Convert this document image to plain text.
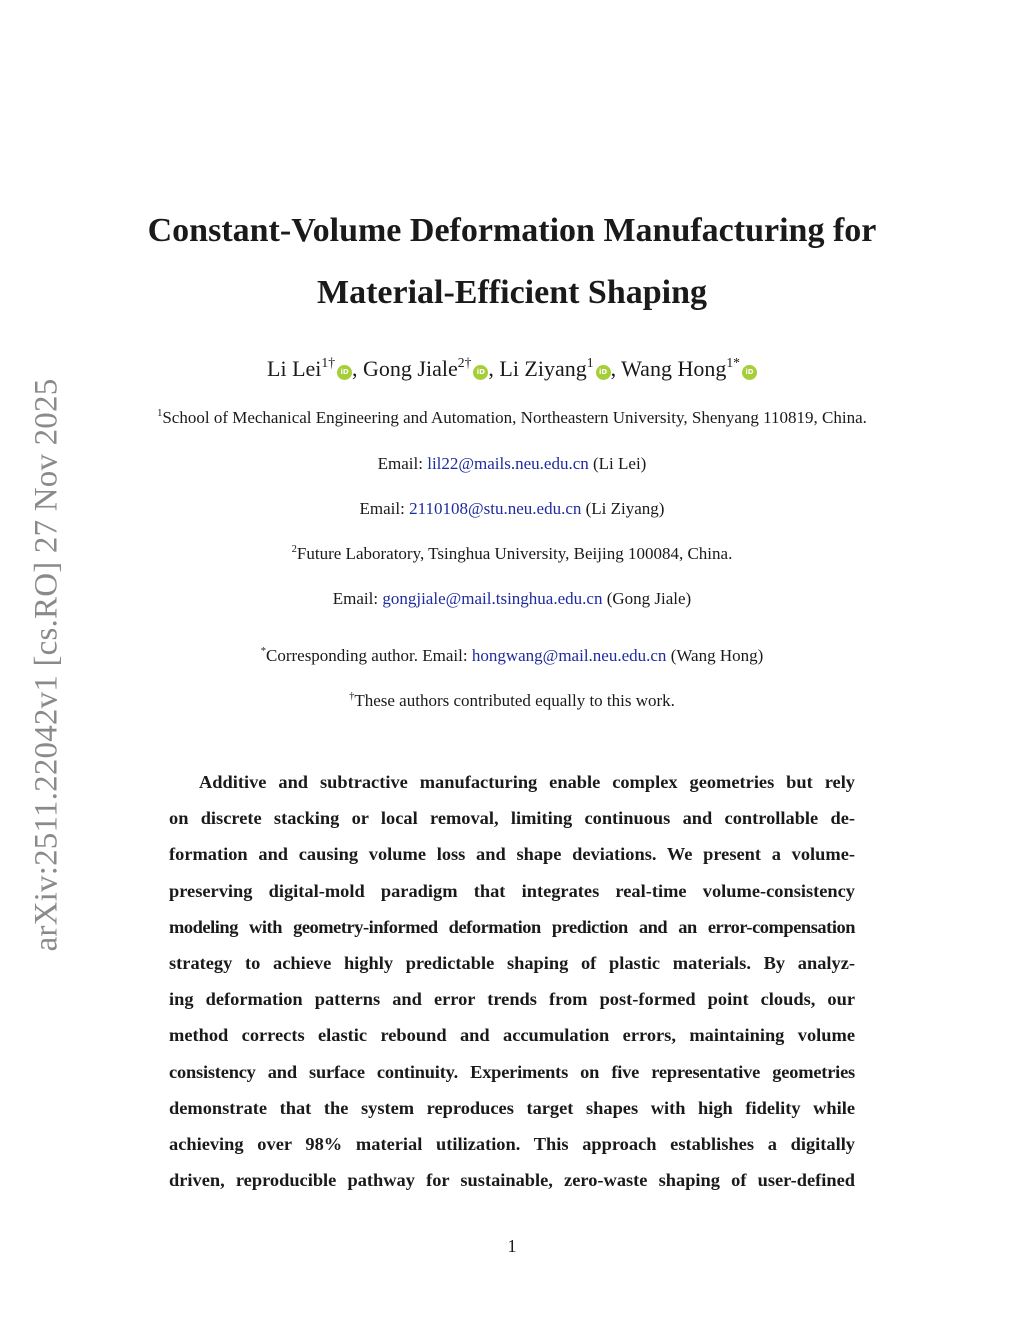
arXiv:2511.22042v1 [cs.RO] 27 Nov 2025
Constant-Volume Deformation Manufacturing for
Material-Efficient Shaping
Li Lei$^{1\dagger}$iD , Gong Jiale$^{2\dagger}$iD , Li Ziyang$^1$iD , Wang Hong$^{1*}$iD
$^1$School of Mechanical Engineering and Automation, Northeastern University, Shenyang 110819, China.
Email: lil22@mails.neu.edu.cn (Li Lei)
Email: 2110108@stu.neu.edu.cn (Li Ziyang)
$^2$Future Laboratory, Tsinghua University, Beijing 100084, China.
Email: gongjiale@mail.tsinghua.edu.cn (Gong Jiale)
*Corresponding author. Email: hongwang@mail.neu.edu.cn (Wang Hong)
†These authors contributed equally to this work.
Additive and subtractive manufacturing enable complex geometries but rely
on discrete stacking or local removal, limiting continuous and controllable de-
formation and causing volume loss and shape deviations. We present a volume-
preserving digital-mold paradigm that integrates real-time volume-consistency
modeling with geometry-informed deformation prediction and an error-compensation
strategy to achieve highly predictable shaping of plastic materials. By analyz-
ing deformation patterns and error trends from post-formed point clouds, our
method corrects elastic rebound and accumulation errors, maintaining volume
consistency and surface continuity. Experiments on five representative geometries
demonstrate that the system reproduces target shapes with high fidelity while
achieving over 98% material utilization. This approach establishes a digitally
driven, reproducible pathway for sustainable, zero-waste shaping of user-defined
1
